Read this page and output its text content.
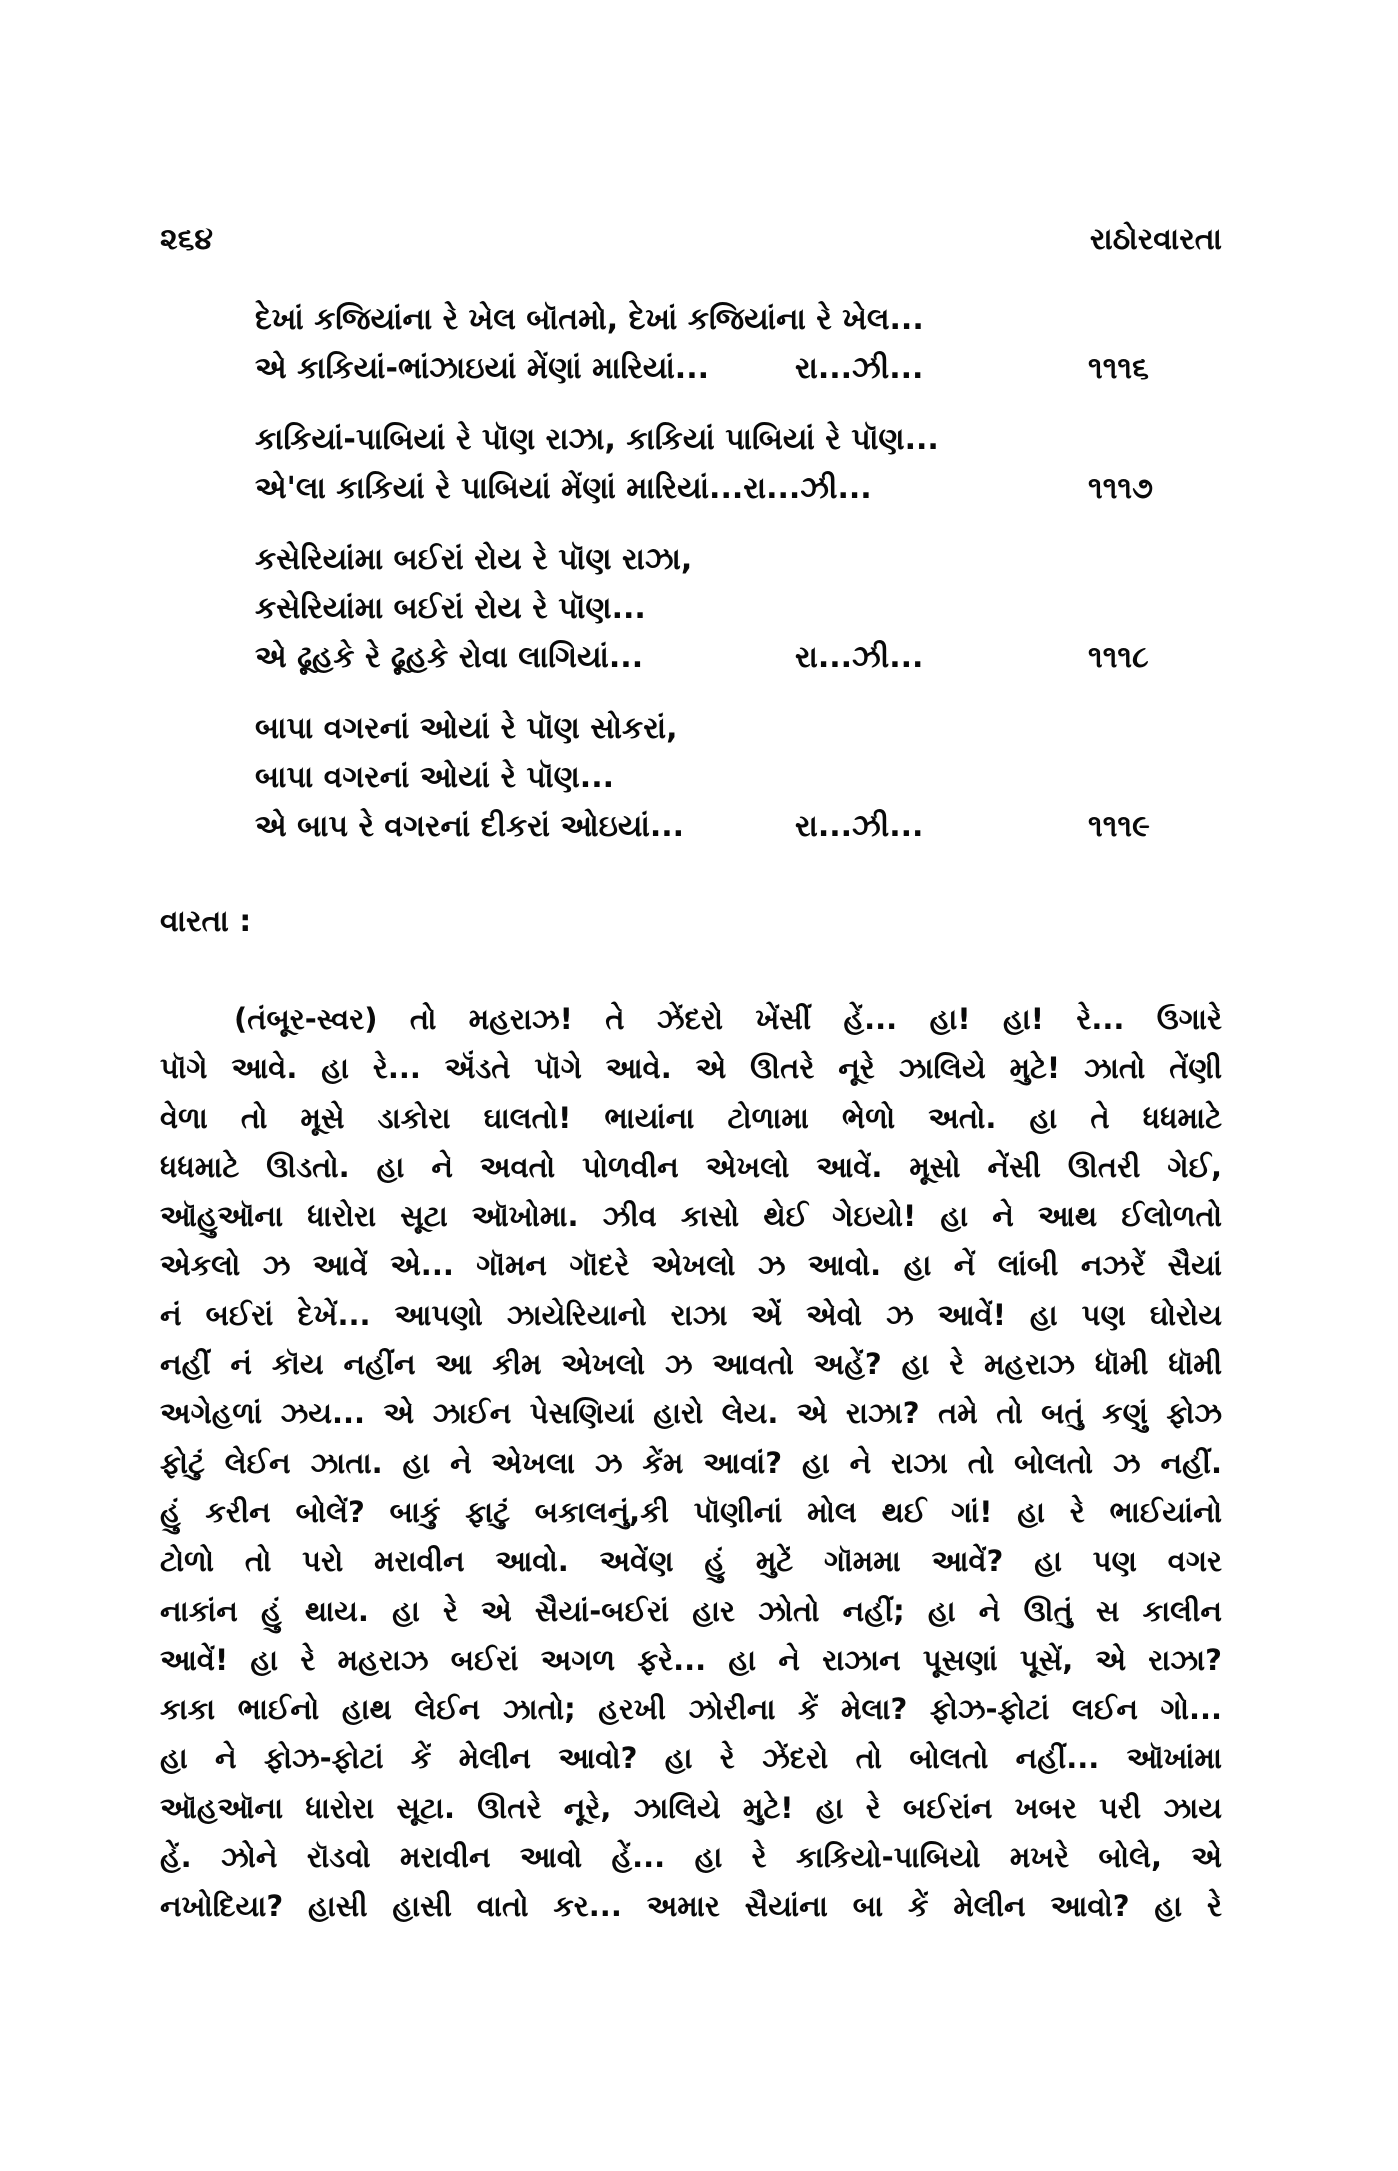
૨૬૪	રાઠોરવારતા
દેખાં કજિયાંના રે ખેલ બૉતમો, દેખાં કજિયાંના રે ખેલ...
એ કાકિયાં-ભાંઝાઇયાં મેંણાં મારિયાં...	રા...ઝી...	૧૧૧૬
કાકિયાં-પાબિયાં રે પૉણ રાઝા, કાકિયાં પાબિયાં રે પૉણ...
એ'લા કાકિયાં રે પાબિયાં મેંણાં મારિયાં...રા...ઝી...	૧૧૧૭
કસેરિયાંમા બઈરાં રોય રે પૉણ રાઝા,
કસેરિયાંમા બઈરાં રોય રે પૉણ...
એ ઢૂહકે રે ઢૂહકે રોવા લાગિયાં...	રા...ઝી...	૧૧૧૮
બાપા વગરનાં ઓયાં રે પૉણ સોકરાં,
બાપા વગરનાં ઓયાં રે પૉણ...
એ બાપ રે વગરનાં દીકરાં ઓઇયાં...	રા...ઝી...	૧૧૧૯
વારતા :
(તંબૂર-સ્વર) તો મહરાઝ! તે ઝેંદરો ખેંસીં હેં... હા! હા! રે... ઉગારે
પૉગે આવે. હા રે... ઍંડતે પૉગે આવે. એ ઊતરે નૂરે ઝાલિયે મુટે! ઝાતો તેંણી
વેળા તો મૂસે ડાકોરા ઘાલતો! ભાયાંના ટોળામા ભેળો અતો. હા તે ધધમાટે
ધધમાટે ઊડતો. હા ને અવતો પોળવીન એખલો આવેં. મૂસો નેંસી ઊતરી ગેઈ,
ઑહુઑના ધારોરા સૂટા ઑખોમા. ઝીવ કાસો થેઈ ગેઇયો! હા ને આથ ઈલોળતો
એકલો ઝ આવેં એ... ગૉમન ગૉદરે એખલો ઝ આવો. હા નેં લાંબી નઝરેં સૈયાં
નં બઈરાં દેખેં... આપણો ઝાયેરિયાનો રાઝા એં એવો ઝ આવેં! હા પણ ઘોરોય
નહીં નં કૉય નહીંન આ કીમ એખલો ઝ આવતો અહેં? હા રે મહરાઝ ધૉમી ધૉમી
અગેહળાં ઝય... એ ઝાઈન પેસણિયાં હારો લેય. એ રાઝા? તમે તો બતું કણું ફોઝ
ફોટું લેઈન ઝાતા. હા ને એખલા ઝ કેંમ આવાં? હા ને રાઝા તો બોલતો ઝ નહીં.
હું કરીન બોલેં? બાકું ફાટું બકાલનું,કી પૉણીનાં મોલ થઈ ગાં! હા રે ભાઈયાંનો
ટોળો તો પરો મરાવીન આવો. અવેંણ હું મુટેં ગૉમમા આવેં? હા પણ વગર
નાકાંન હું થાય. હા રે એ સૈયાં-બઈરાં હાર ઝોતો નહીં; હા ને ઊતું સ કાલીન
આવેં! હા રે મહરાઝ બઈરાં અગળ ફરે... હા ને રાઝાન પૂસણાં પૂસેં, એ રાઝા?
કાકા ભાઈનો હાથ લેઈન ઝાતો; હરખી ઝોરીના કેં મેલા? ફોઝ-ફોટાં લઈન ગો...
હા ને ફોઝ-ફોટાં કેં મેલીન આવો? હા રે ઝેંદરો તો બોલતો નહીં... ઑખાંમા
ઑહઑના ધારોરા સૂટા. ઊતરે નૂરે, ઝાલિયે મુટે! હા રે બઈરાંન ખબર પરી ઝાય
હેં. ઝોને રૉડવો મરાવીન આવો હેં... હા રે કાકિયો-પાબિયો મખરે બોલે, એ
નખોદિયા? હાસી હાસી વાતો કર... અમાર સૈયાંના બા કેં મેલીન આવો? હા રે
